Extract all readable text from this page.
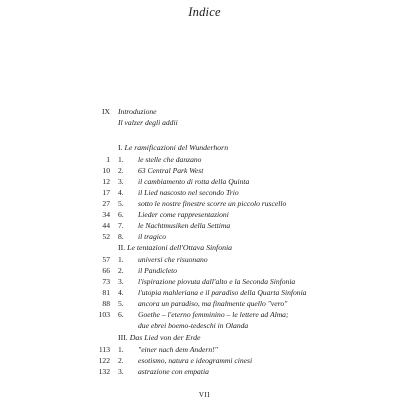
Indice
IX Introduzione
Il valzer degli addii
I. Le ramificazioni del Wunderhorn
1 1.	le stelle che danzano
10 2.	63 Central Park West
12 3.	il cambiamento di rotta della Quinta
17 4.	il Lied nascosto nel secondo Trio
27 5.	sotto le nostre finestre scorre un piccolo ruscello
34 6.	Lieder come rappresentazioni
44 7.	le Nachtmusiken della Settima
52 8.	il tragico
II. Le tentazioni dell'Ottava Sinfonia
57 1.	universi che risuonano
66 2.	il Pandicleto
73 3.	l'ispirazione piovuta dall'alto e la Seconda Sinfonia
81 4.	l'utopia mahleriana e il paradiso della Quarta Sinfonia
88 5.	ancora un paradiso, ma finalmente quello "vero"
103 6.	Goethe – l'eterno femminino – le lettere ad Alma;
due ebrei boemo-tedeschi in Olanda
III. Das Lied von der Erde
113 1.	"einer nach dem Andern!"
122 2.	esotismo, natura e ideogrammi cinesi
132 3.	astrazione con empatia
VII
